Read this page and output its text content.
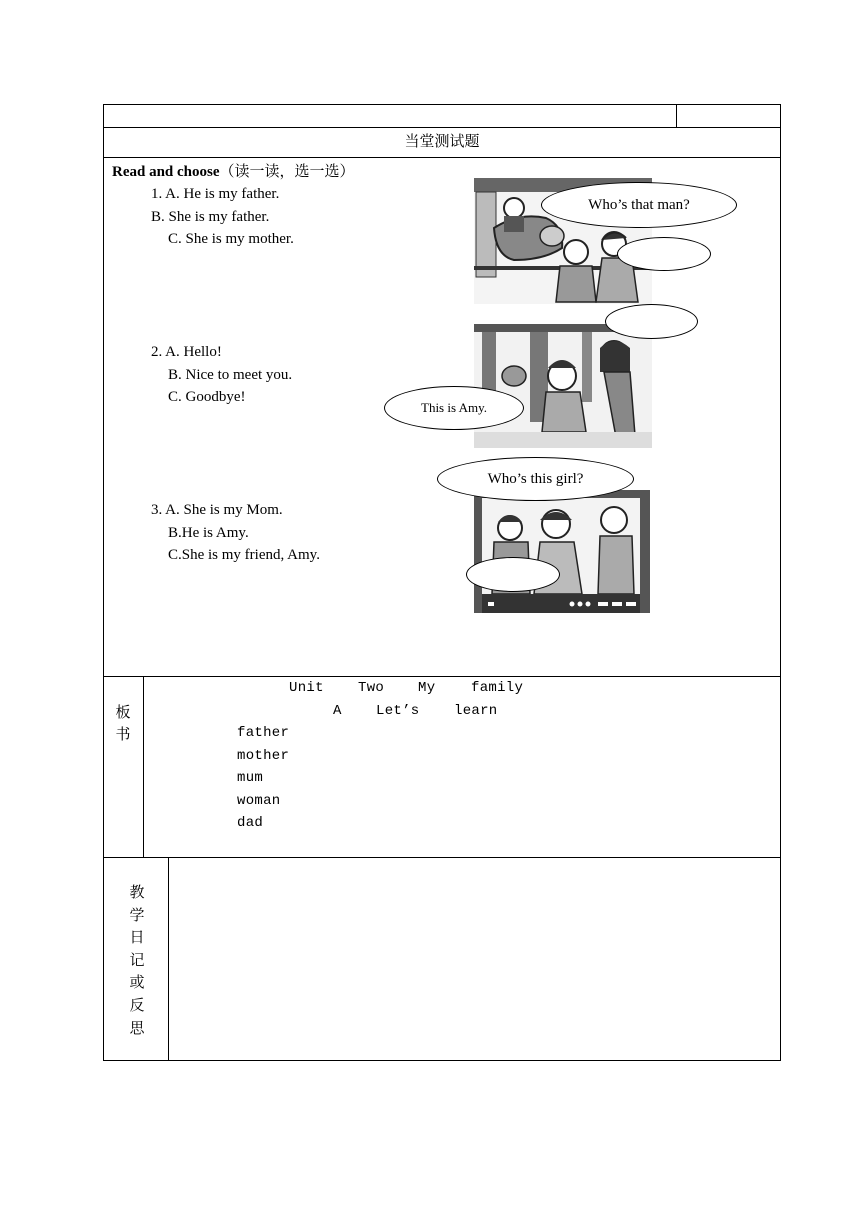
当堂测试题
Read and choose（读一读，选一选）
1. A. He is my father.
B. She is my father.
C. She is my mother.
Who’s that man?
2. A. Hello!
B. Nice to meet you.
C. Goodbye!
This is Amy.
3. A. She is my Mom.
B.He is Amy.
C.She is my friend, Amy.
Who’s this girl?
板书
Unit Two My	family
A Let’s learn
father
mother
mum
woman
dad
教学日记或反思
